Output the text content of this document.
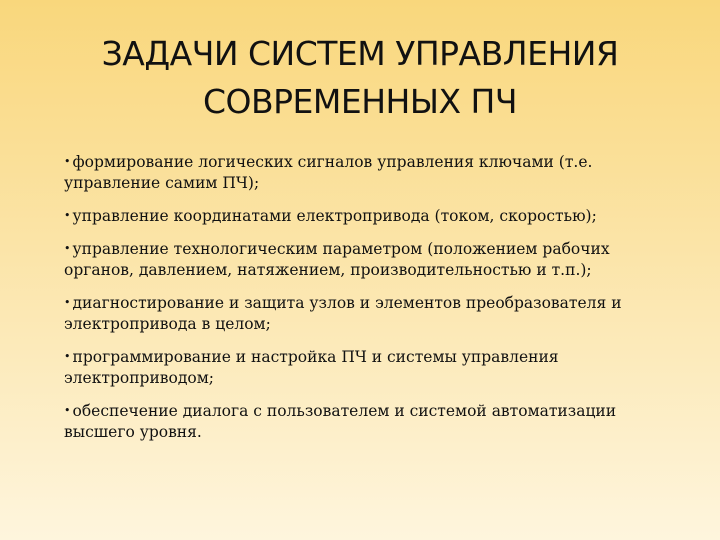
ЗАДАЧИ СИСТЕМ УПРАВЛЕНИЯ
СОВРЕМЕННЫХ ПЧ
• формирование логических сигналов управления ключами (т.е. управление самим ПЧ);
• управление координатами електропривода (током, скоростью);
• управление технологическим параметром (положением рабочих органов, давлением, натяжением, производительностью и т.п.);
• диагностирование и защита узлов и элементов преобразователя и электропривода в целом;
• программирование и настройка ПЧ и системы управления электроприводом;
• обеспечение диалога с пользователем и системой автоматизации высшего уровня.
